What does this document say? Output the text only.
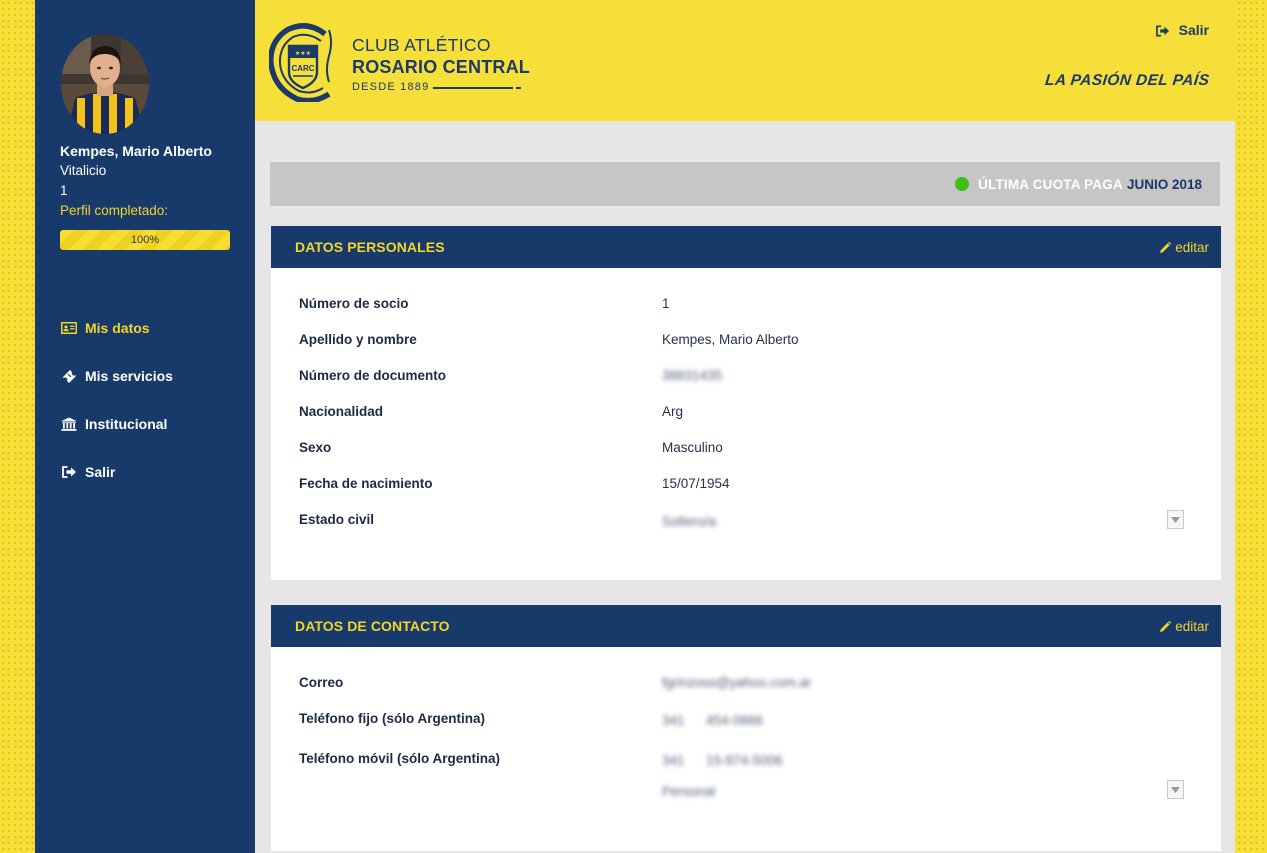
Kempes, Mario Alberto
Vitalicio
1
Perfil completado:
100%
Mis datos
Mis servicios
Institucional
Salir
★★★
CARC
CLUB ATLÉTICO
ROSARIO CENTRAL
DESDE 1889
Salir
LA PASIÓN DEL PAÍS
ÚLTIMA CUOTA PAGA JUNIO 2018
DATOS PERSONALES	editar
Número de socio	1
Apellido y nombre	Kempes, Mario Alberto
Número de documento	38831435
Nacionalidad	Arg
Sexo	Masculino
Fecha de nacimiento	15/07/1954
Estado civil	Soltero/a
DATOS DE CONTACTO	editar
Correo	fgrinzoss@yahoo.com.ar
Teléfono fijo (sólo Argentina)	341 454-0866
Teléfono móvil (sólo Argentina)	341 15-974-5006
Personal
